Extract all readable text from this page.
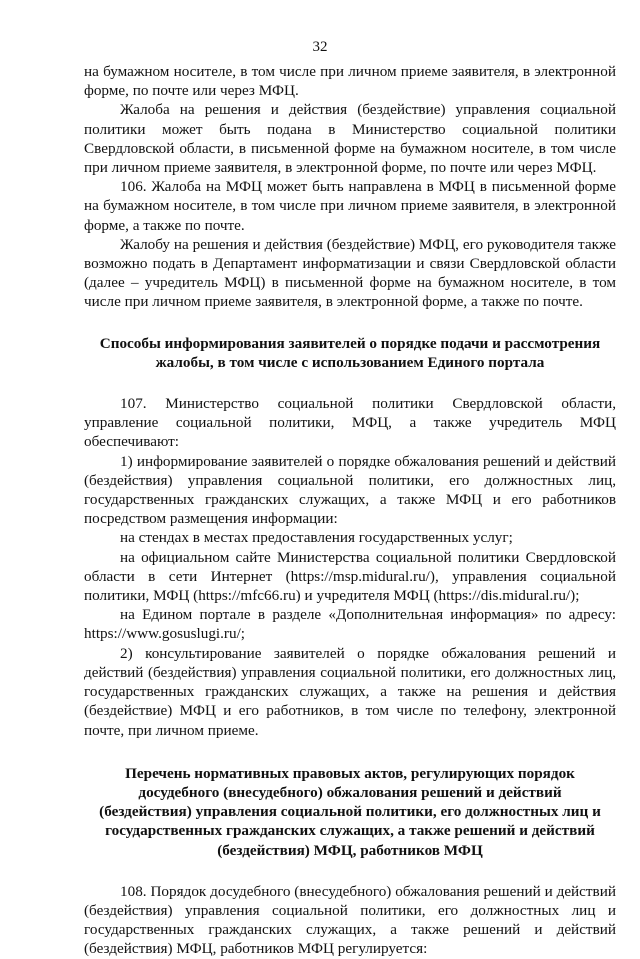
32

на бумажном носителе, в том числе при личном приеме заявителя, в электронной форме, по почте или через МФЦ.

Жалоба на решения и действия (бездействие) управления социальной политики может быть подана в Министерство социальной политики Свердловской области, в письменной форме на бумажном носителе, в том числе при личном приеме заявителя, в электронной форме, по почте или через МФЦ.

106. Жалоба на МФЦ может быть направлена в МФЦ в письменной форме на бумажном носителе, в том числе при личном приеме заявителя, в электронной форме, а также по почте.

Жалобу на решения и действия (бездействие) МФЦ, его руководителя также возможно подать в Департамент информатизации и связи Свердловской области (далее – учредитель МФЦ) в письменной форме на бумажном носителе, в том числе при личном приеме заявителя, в электронной форме, а также по почте.

Способы информирования заявителей о порядке подачи и рассмотрения жалобы, в том числе с использованием Единого портала

107. Министерство социальной политики Свердловской области, управление социальной политики, МФЦ, а также учредитель МФЦ обеспечивают:

1) информирование заявителей о порядке обжалования решений и действий (бездействия) управления социальной политики, его должностных лиц, государственных гражданских служащих, а также МФЦ и его работников посредством размещения информации:

на стендах в местах предоставления государственных услуг;

на официальном сайте Министерства социальной политики Свердловской области в сети Интернет (https://msp.midural.ru/), управления социальной политики, МФЦ (https://mfc66.ru) и учредителя МФЦ (https://dis.midural.ru/);

на Едином портале в разделе «Дополнительная информация» по адресу: https://www.gosuslugi.ru/;

2) консультирование заявителей о порядке обжалования решений и действий (бездействия) управления социальной политики, его должностных лиц, государственных гражданских служащих, а также на решения и действия (бездействие) МФЦ и его работников, в том числе по телефону, электронной почте, при личном приеме.

Перечень нормативных правовых актов, регулирующих порядок досудебного (внесудебного) обжалования решений и действий (бездействия) управления социальной политики, его должностных лиц и государственных гражданских служащих, а также решений и действий (бездействия) МФЦ, работников МФЦ

108. Порядок досудебного (внесудебного) обжалования решений и действий (бездействия) управления социальной политики, его должностных лиц и государственных гражданских служащих, а также решений и действий (бездействия) МФЦ, работников МФЦ регулируется:
